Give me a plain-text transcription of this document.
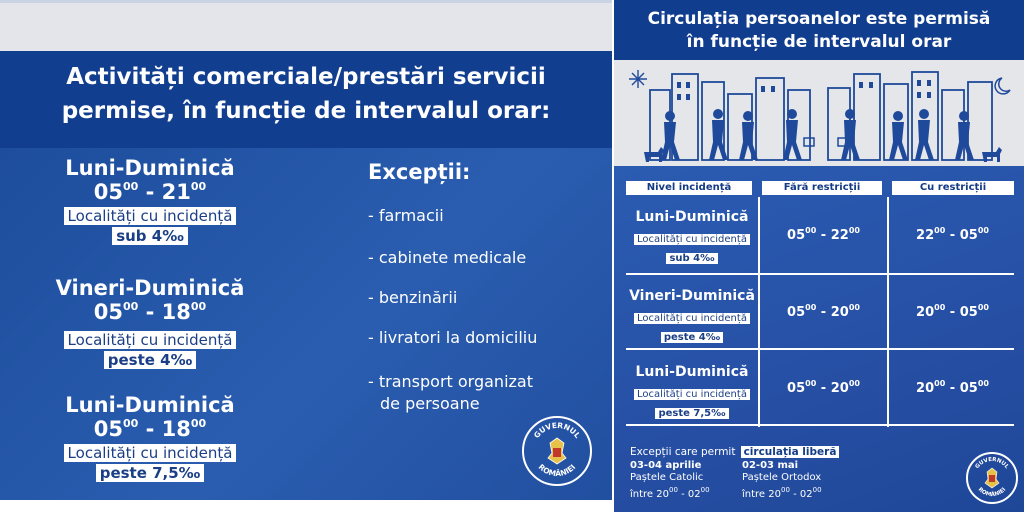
Activități comerciale/prestări servicii
permise, în funcție de intervalul orar:
Luni-Duminică
$05^{00} - 21^{00}$
Localități cu incidență
sub 4‰
Vineri-Duminică
$05^{00} - 18^{00}$
Localități cu incidență
peste 4‰
Luni-Duminică
$05^{00} - 18^{00}$
Localități cu incidență
peste 7,5‰
Excepții:
- farmacii
- cabinete medicale
- benzinării
- livratori la domiciliu
- transport organizat
de persoane
GUVERNUL
ROMÂNIEI
Circulația persoanelor este permisă
în funcție de intervalul orar
Nivel incidență	Fără restricții	Cu restricții
Luni-Duminică
Localități cu incidență
sub 4‰
$05^{00} - 22^{00}$	$22^{00} - 05^{00}$
Vineri-Duminică
Localități cu incidență
peste 4‰
$05^{00} - 20^{00}$	$20^{00} - 05^{00}$
Luni-Duminică
Localități cu incidență
peste 7,5‰
$05^{00} - 20^{00}$	$20^{00} - 05^{00}$
Excepții care permit circulația liberă
03-04 aprilie
Paștele Catolic
între $20^{00} - 02^{00}$
02-03 mai
Paștele Ortodox
între $20^{00} - 02^{00}$
GUVERNUL
ROMÂNIEI
